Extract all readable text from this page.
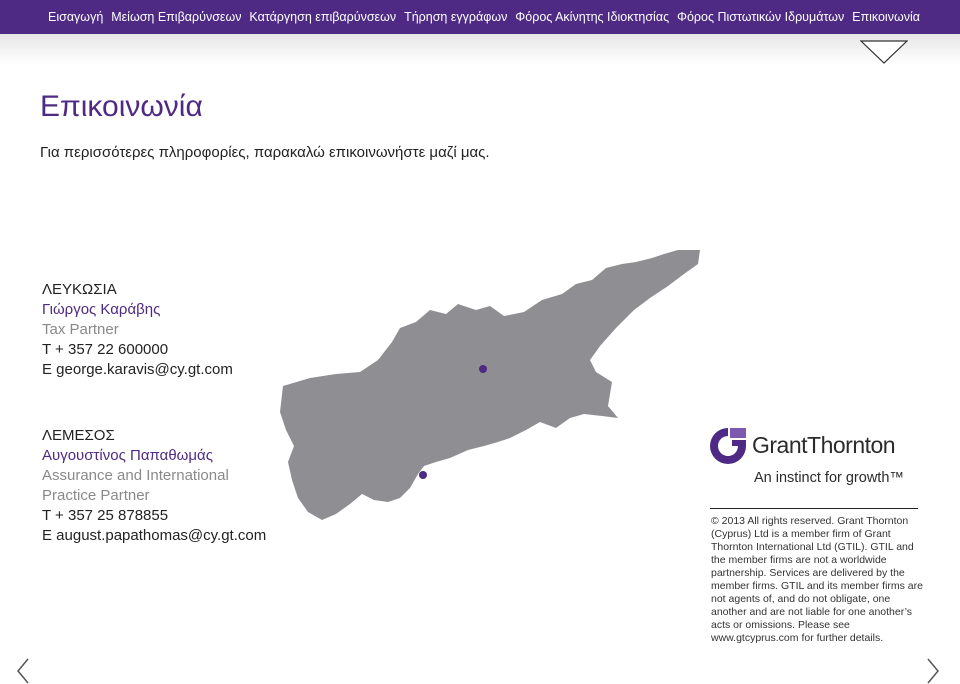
Εισαγωγή Μείωση Επιβαρύνσεων Κατάργηση επιβαρύνσεων Τήρηση εγγράφων Φόρος Ακίνητης Ιδιοκτησίας Φόρος Πιστωτικών Ιδρυμάτων Επικοινωνία
Επικοινωνία
Για περισσότερες πληροφορίες, παρακαλώ επικοινωνήστε μαζί μας.
ΛΕΥΚΩΣΙΑ
Γιώργος Καράβης
Tax Partner
T + 357 22 600000
E george.karavis@cy.gt.com
ΛΕΜΕΣΟΣ
Αυγουστίνος Παπαθωμάς
Assurance and International Practice Partner
T + 357 25 878855
E august.papathomas@cy.gt.com
GrantThornton
An instinct for growth™
© 2013 All rights reserved. Grant Thornton (Cyprus) Ltd is a member firm of Grant Thornton International Ltd (GTIL). GTIL and the member firms are not a worldwide partnership. Services are delivered by the member firms. GTIL and its member firms are not agents of, and do not obligate, one another and are not liable for one another’s acts or omissions. Please see www.gtcyprus.com for further details.
